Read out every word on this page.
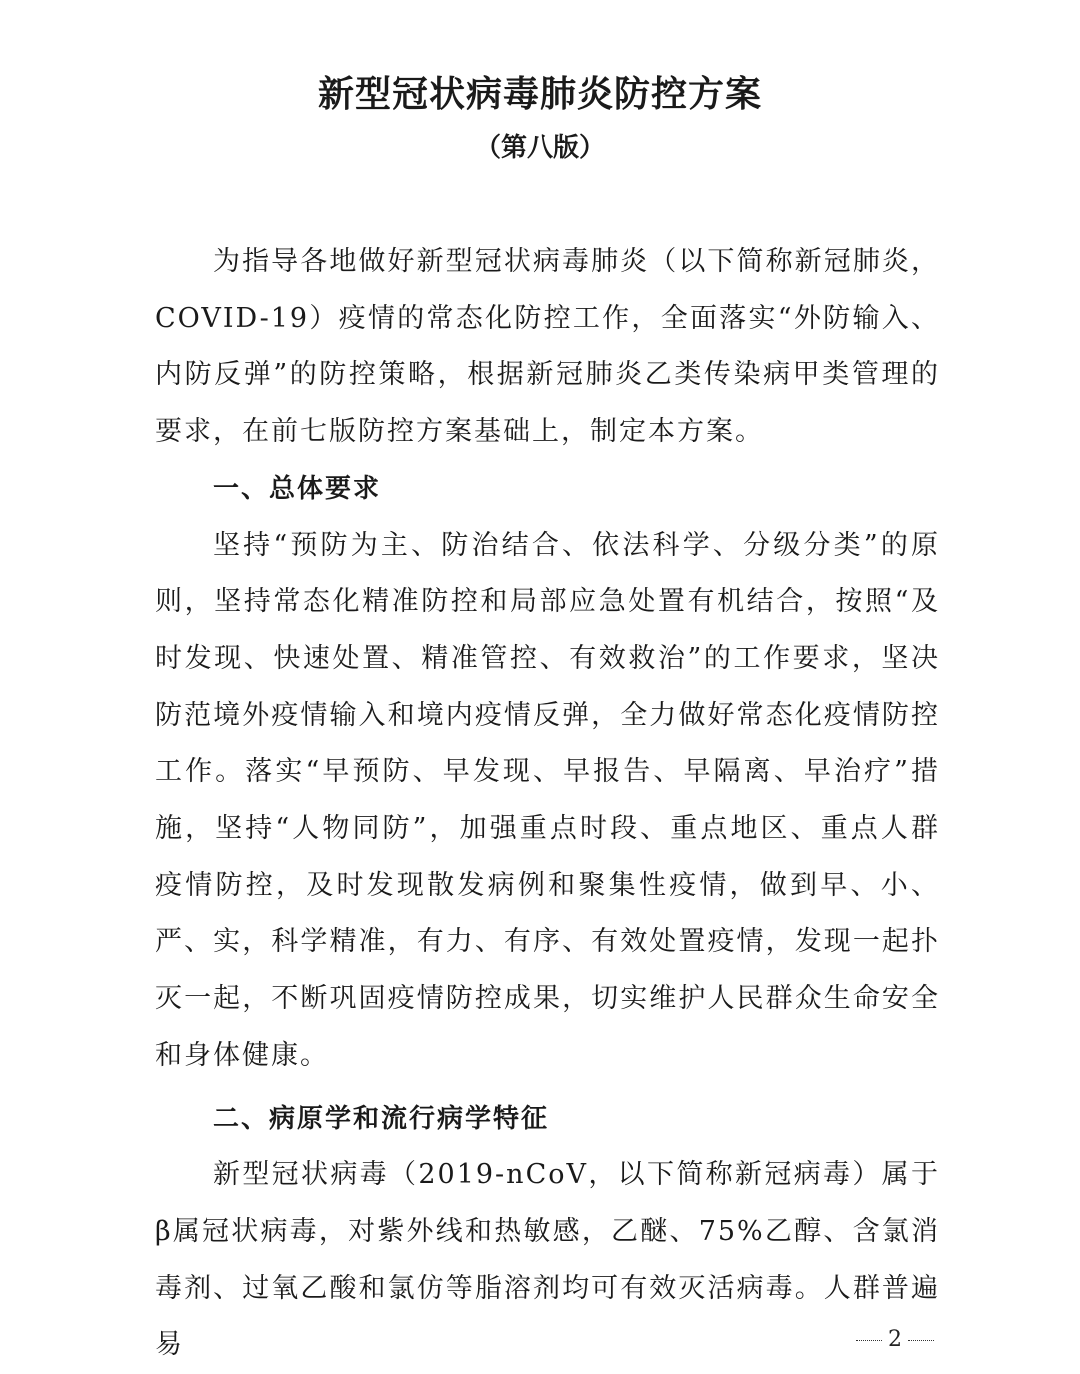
新型冠状病毒肺炎防控方案
（第八版）

为指导各地做好新型冠状病毒肺炎（以下简称新冠肺炎，COVID-19）疫情的常态化防控工作，全面落实“外防输入、内防反弹”的防控策略，根据新冠肺炎乙类传染病甲类管理的要求，在前七版防控方案基础上，制定本方案。

一、总体要求

坚持“预防为主、防治结合、依法科学、分级分类”的原则，坚持常态化精准防控和局部应急处置有机结合，按照“及时发现、快速处置、精准管控、有效救治”的工作要求，坚决防范境外疫情输入和境内疫情反弹，全力做好常态化疫情防控工作。落实“早预防、早发现、早报告、早隔离、早治疗”措施，坚持“人物同防”，加强重点时段、重点地区、重点人群疫情防控，及时发现散发病例和聚集性疫情，做到早、小、严、实，科学精准，有力、有序、有效处置疫情，发现一起扑灭一起，不断巩固疫情防控成果，切实维护人民群众生命安全和身体健康。

二、病原学和流行病学特征

新型冠状病毒（2019-nCoV，以下简称新冠病毒）属于β属冠状病毒，对紫外线和热敏感，乙醚、75%乙醇、含氯消毒剂、过氧乙酸和氯仿等脂溶剂均可有效灭活病毒。人群普遍易	2
